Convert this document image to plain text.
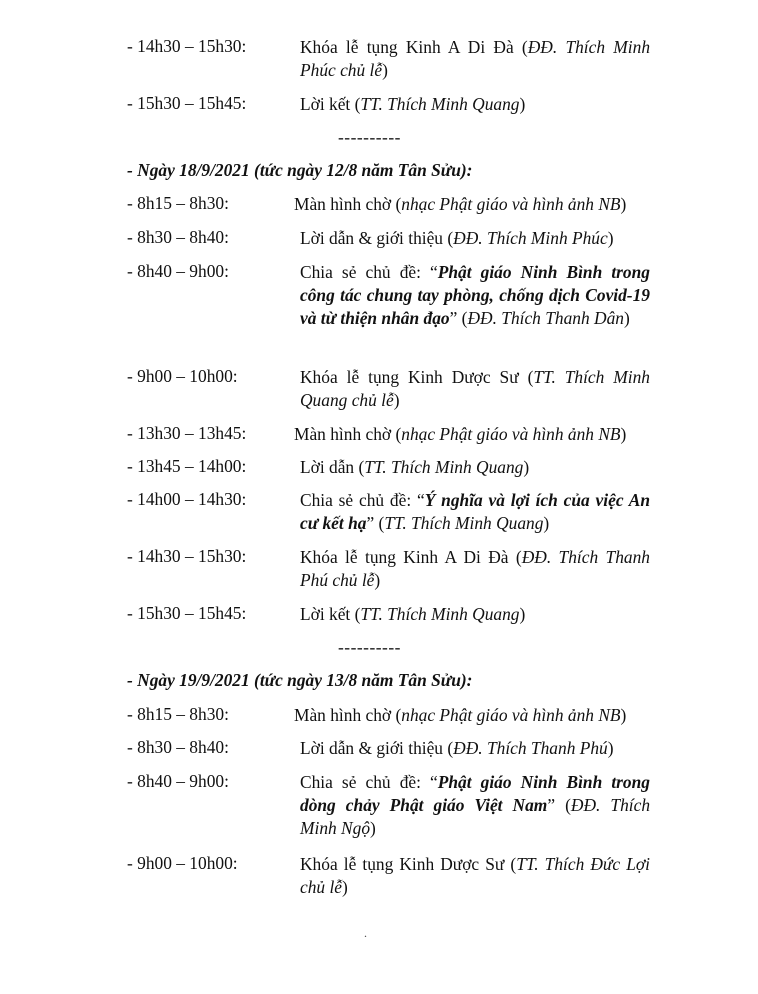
- 14h30 – 15h30:	Khóa lễ tụng Kinh A Di Đà (ĐĐ. Thích Minh Phúc chủ lễ)
- 15h30 – 15h45:	Lời kết (TT. Thích Minh Quang)
----------
- Ngày 18/9/2021 (tức ngày 12/8 năm Tân Sửu):
- 8h15 – 8h30:	Màn hình chờ (nhạc Phật giáo và hình ảnh NB)
- 8h30 – 8h40:	Lời dẫn & giới thiệu (ĐĐ. Thích Minh Phúc)
- 8h40 – 9h00:	Chia sẻ chủ đề: “Phật giáo Ninh Bình trong công tác chung tay phòng, chống dịch Covid-19 và từ thiện nhân đạo” (ĐĐ. Thích Thanh Dân)
- 9h00 – 10h00:	Khóa lễ tụng Kinh Dược Sư (TT. Thích Minh Quang chủ lễ)
- 13h30 – 13h45:	Màn hình chờ (nhạc Phật giáo và hình ảnh NB)
- 13h45 – 14h00:	Lời dẫn (TT. Thích Minh Quang)
- 14h00 – 14h30:	Chia sẻ chủ đề: “Ý nghĩa và lợi ích của việc An cư kết hạ” (TT. Thích Minh Quang)
- 14h30 – 15h30:	Khóa lễ tụng Kinh A Di Đà (ĐĐ. Thích Thanh Phú chủ lễ)
- 15h30 – 15h45:	Lời kết (TT. Thích Minh Quang)
----------
- Ngày 19/9/2021 (tức ngày 13/8 năm Tân Sửu):
- 8h15 – 8h30:	Màn hình chờ (nhạc Phật giáo và hình ảnh NB)
- 8h30 – 8h40:	Lời dẫn & giới thiệu (ĐĐ. Thích Thanh Phú)
- 8h40 – 9h00:	Chia sẻ chủ đề: “Phật giáo Ninh Bình trong dòng chảy Phật giáo Việt Nam” (ĐĐ. Thích Minh Ngộ)
- 9h00 – 10h00:	Khóa lễ tụng Kinh Dược Sư (TT. Thích Đức Lợi chủ lễ)
.
